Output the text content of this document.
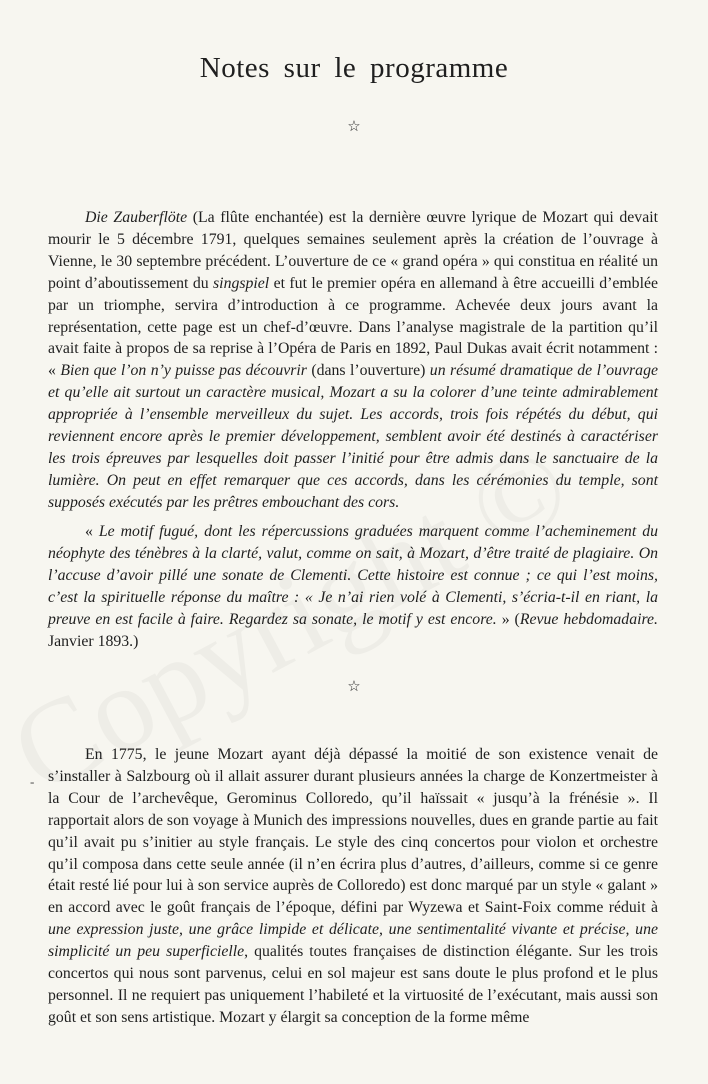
Notes sur le programme
☆

Die Zauberflöte (La flûte enchantée) est la dernière œuvre lyrique de Mozart qui devait mourir le 5 décembre 1791, quelques semaines seulement après la création de l’ouvrage à Vienne, le 30 septembre précédent. L’ouverture de ce « grand opéra » qui constitua en réalité un point d’aboutissement du singspiel et fut le premier opéra en allemand à être accueilli d’emblée par un triomphe, servira d’introduction à ce programme. Achevée deux jours avant la représentation, cette page est un chef-d’œuvre. Dans l’analyse magistrale de la partition qu’il avait faite à propos de sa reprise à l’Opéra de Paris en 1892, Paul Dukas avait écrit notamment : « Bien que l’on n’y puisse pas découvrir (dans l’ouverture) un résumé dramatique de l’ouvrage et qu’elle ait surtout un caractère musical, Mozart a su la colorer d’une teinte admirablement appropriée à l’ensemble merveilleux du sujet. Les accords, trois fois répétés du début, qui reviennent encore après le premier développement, semblent avoir été destinés à caractériser les trois épreuves par lesquelles doit passer l’initié pour être admis dans le sanctuaire de la lumière. On peut en effet remarquer que ces accords, dans les cérémonies du temple, sont supposés exécutés par les prêtres embouchant des cors.

« Le motif fugué, dont les répercussions graduées marquent comme l’acheminement du néophyte des ténèbres à la clarté, valut, comme on sait, à Mozart, d’être traité de plagiaire. On l’accuse d’avoir pillé une sonate de Clementi. Cette histoire est connue ; ce qui l’est moins, c’est la spirituelle réponse du maître : « Je n’ai rien volé à Clementi, s’écria-t-il en riant, la preuve en est facile à faire. Regardez sa sonate, le motif y est encore. » (Revue hebdomadaire. Janvier 1893.)

☆
-

En 1775, le jeune Mozart ayant déjà dépassé la moitié de son existence venait de s’installer à Salzbourg où il allait assurer durant plusieurs années la charge de Konzertmeister à la Cour de l’archevêque, Gerominus Colloredo, qu’il haïssait « jusqu’à la frénésie ». Il rapportait alors de son voyage à Munich des impressions nouvelles, dues en grande partie au fait qu’il avait pu s’initier au style français. Le style des cinq concertos pour violon et orchestre qu’il composa dans cette seule année (il n’en écrira plus d’autres, d’ailleurs, comme si ce genre était resté lié pour lui à son service auprès de Colloredo) est donc marqué par un style « galant » en accord avec le goût français de l’époque, défini par Wyzewa et Saint-Foix comme réduit à une expression juste, une grâce limpide et délicate, une sentimentalité vivante et précise, une simplicité un peu superficielle, qualités toutes françaises de distinction élégante. Sur les trois concertos qui nous sont parvenus, celui en sol majeur est sans doute le plus profond et le plus personnel. Il ne requiert pas uniquement l’habileté et la virtuosité de l’exécutant, mais aussi son goût et son sens artistique. Mozart y élargit sa conception de la forme même
